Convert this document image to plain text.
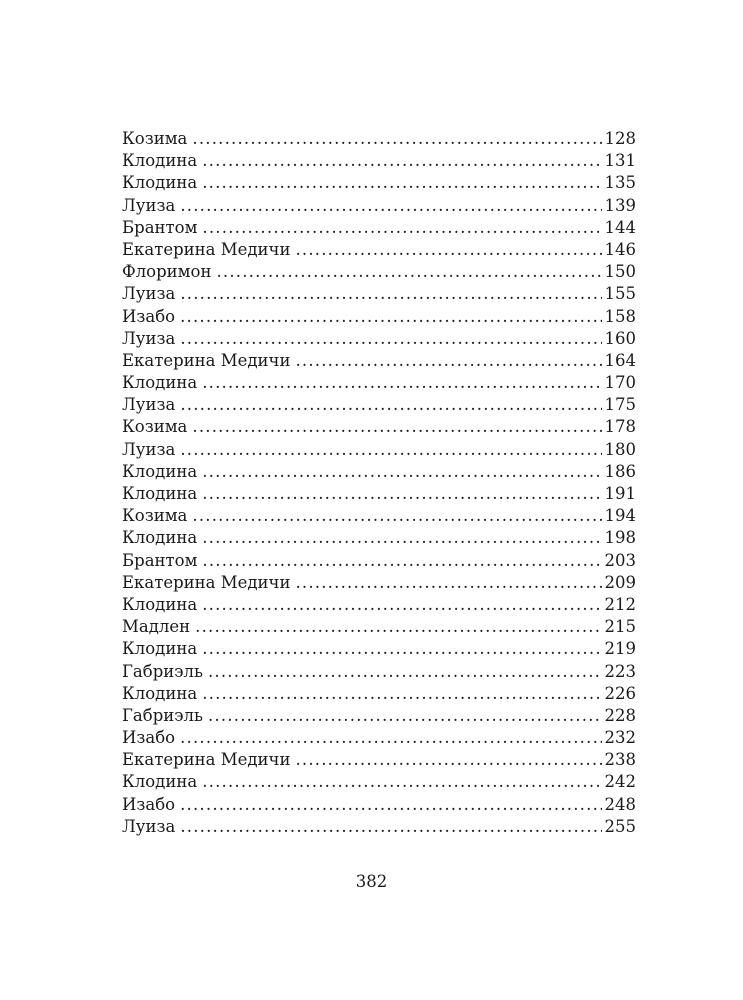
Козима .....	128
Клодина .....	131
Клодина .....	135
Луиза .....	139
Брантом .....	144
Екатерина Медичи .....	146
Флоримон .....	150
Луиза .....	155
Изабо .....	158
Луиза .....	160
Екатерина Медичи .....	164
Клодина .....	170
Луиза .....	175
Козима .....	178
Луиза .....	180
Клодина .....	186
Клодина .....	191
Козима .....	194
Клодина .....	198
Брантом .....	203
Екатерина Медичи .....	209
Клодина .....	212
Мадлен .....	215
Клодина .....	219
Габриэль .....	223
Клодина .....	226
Габриэль .....	228
Изабо .....	232
Екатерина Медичи .....	238
Клодина .....	242
Изабо .....	248
Луиза .....	255
382
